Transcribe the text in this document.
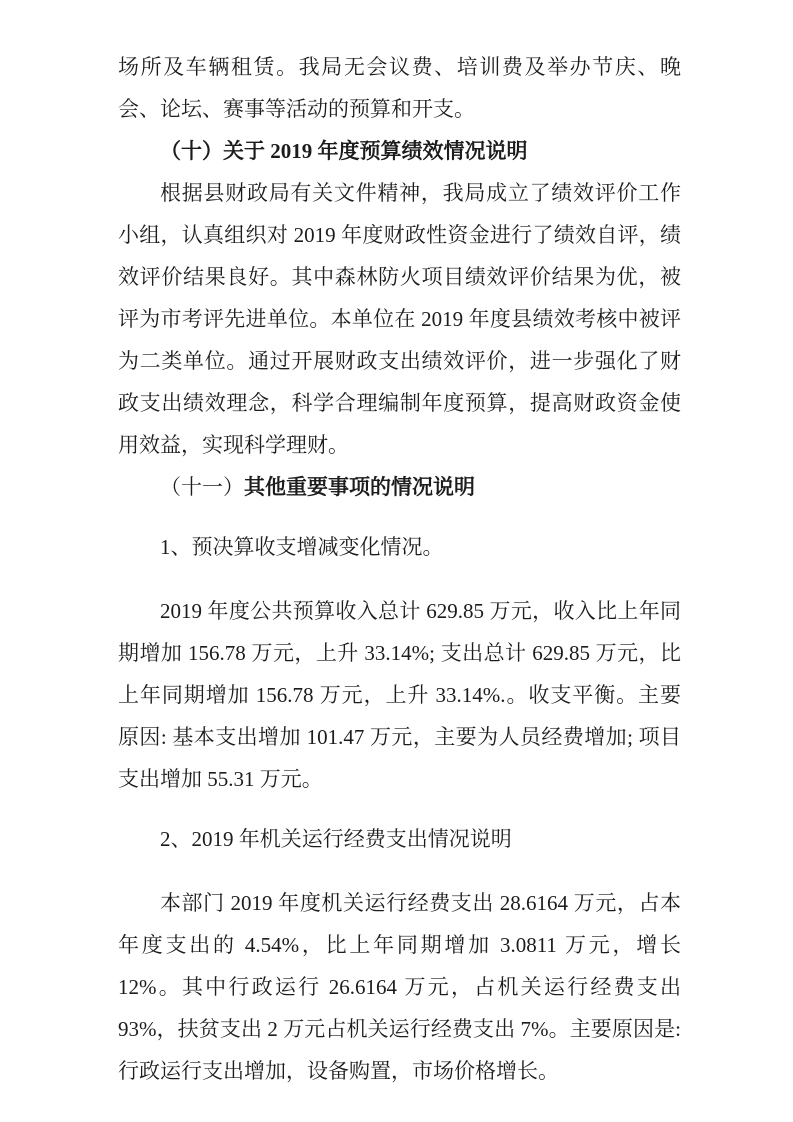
场所及车辆租赁。我局无会议费、培训费及举办节庆、晚会、论坛、赛事等活动的预算和开支。

（十）关于 2019 年度预算绩效情况说明

根据县财政局有关文件精神，我局成立了绩效评价工作小组，认真组织对 2019 年度财政性资金进行了绩效自评，绩效评价结果良好。其中森林防火项目绩效评价结果为优，被评为市考评先进单位。本单位在 2019 年度县绩效考核中被评为二类单位。通过开展财政支出绩效评价，进一步强化了财政支出绩效理念，科学合理编制年度预算，提高财政资金使用效益，实现科学理财。

（十一）其他重要事项的情况说明

1、预决算收支增减变化情况。

2019 年度公共预算收入总计 629.85 万元，收入比上年同期增加 156.78 万元，上升 33.14%; 支出总计 629.85 万元，比上年同期增加 156.78 万元，上升 33.14%.。收支平衡。主要原因: 基本支出增加 101.47 万元，主要为人员经费增加; 项目支出增加 55.31 万元。

2、2019 年机关运行经费支出情况说明

本部门 2019 年度机关运行经费支出 28.6164 万元，占本年度支出的 4.54%，比上年同期增加 3.0811 万元，增长 12%。其中行政运行 26.6164 万元，占机关运行经费支出 93%，扶贫支出 2 万元占机关运行经费支出 7%。主要原因是: 行政运行支出增加，设备购置，市场价格增长。
